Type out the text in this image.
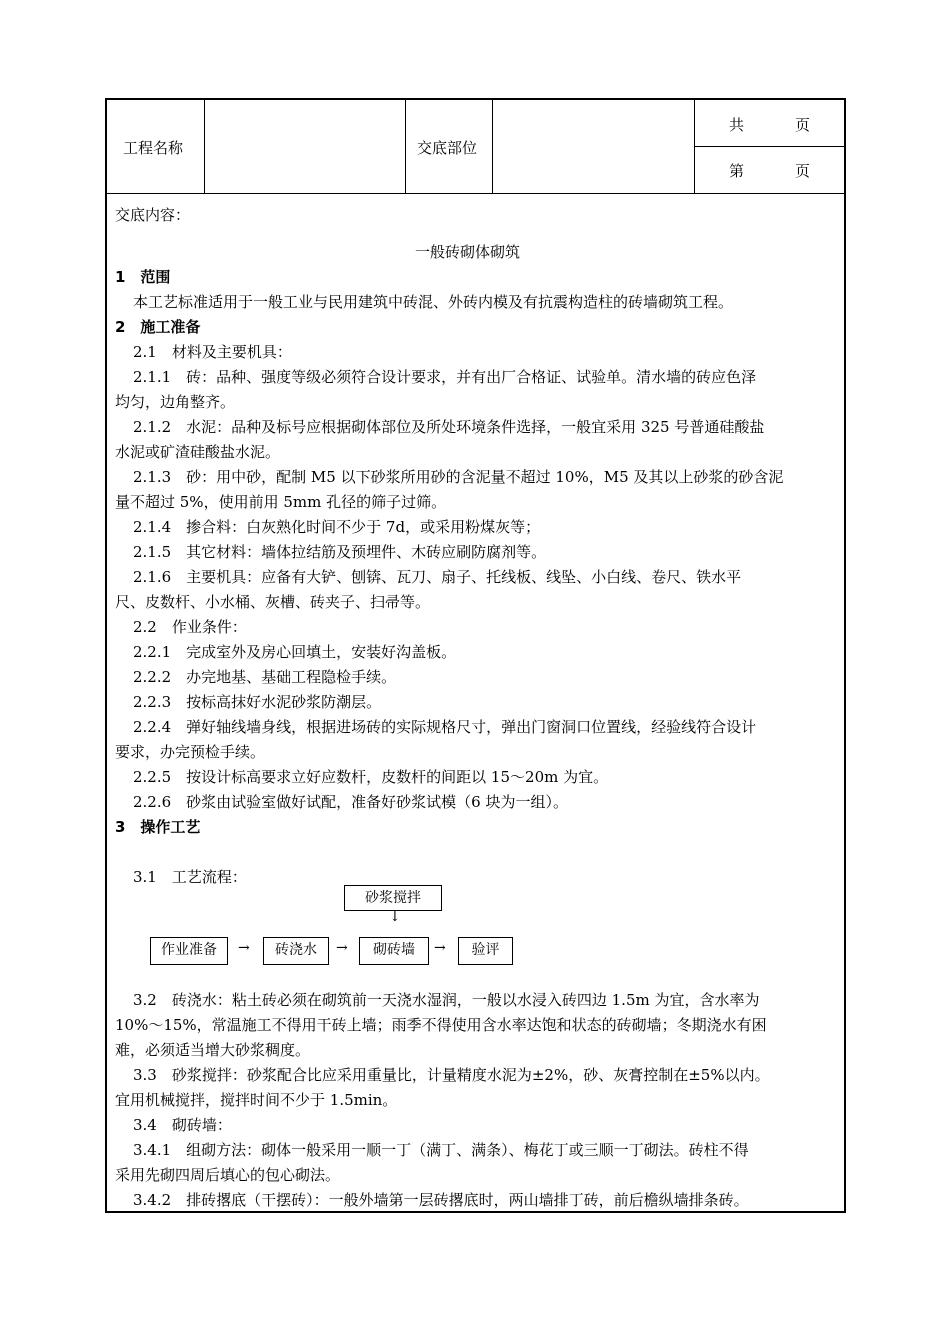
工程名称	交底部位
共	页
第	页
交底内容：
一般砖砌体砌筑
1　范围
本工艺标准适用于一般工业与民用建筑中砖混、外砖内模及有抗震构造柱的砖墙砌筑工程。
2　施工准备
2.1　材料及主要机具：
2.1.1　砖：品种、强度等级必须符合设计要求，并有出厂合格证、试验单。清水墙的砖应色泽
均匀，边角整齐。
2.1.2　水泥：品种及标号应根据砌体部位及所处环境条件选择，一般宜采用 325 号普通硅酸盐
水泥或矿渣硅酸盐水泥。
2.1.3　砂：用中砂，配制 M5 以下砂浆所用砂的含泥量不超过 10%，M5 及其以上砂浆的砂含泥
量不超过 5%，使用前用 5mm 孔径的筛子过筛。
2.1.4　掺合料：白灰熟化时间不少于 7d，或采用粉煤灰等；
2.1.5　其它材料：墙体拉结筋及预埋件、木砖应刷防腐剂等。
2.1.6　主要机具：应备有大铲、刨锛、瓦刀、扇子、托线板、线坠、小白线、卷尺、铁水平
尺、皮数杆、小水桶、灰槽、砖夹子、扫帚等。
2.2　作业条件：
2.2.1　完成室外及房心回填土，安装好沟盖板。
2.2.2　办完地基、基础工程隐检手续。
2.2.3　按标高抹好水泥砂浆防潮层。
2.2.4　弹好轴线墙身线，根据进场砖的实际规格尺寸，弹出门窗洞口位置线，经验线符合设计
要求，办完预检手续。
2.2.5　按设计标高要求立好应数杆，皮数杆的间距以 15～20m 为宜。
2.2.6　砂浆由试验室做好试配，准备好砂浆试模（6 块为一组）。
3　操作工艺
3.1　工艺流程：
砂浆搅拌
↓
作业准备	→	砖浇水	→	砌砖墙	→	验评
3.2　砖浇水：粘土砖必须在砌筑前一天浇水湿润，一般以水浸入砖四边 1.5m 为宜，含水率为
10%～15%，常温施工不得用干砖上墙；雨季不得使用含水率达饱和状态的砖砌墙；冬期浇水有困
难，必须适当增大砂浆稠度。
3.3　砂浆搅拌：砂浆配合比应采用重量比，计量精度水泥为±2%，砂、灰膏控制在±5%以内。
宜用机械搅拌，搅拌时间不少于 1.5min。
3.4　砌砖墙：
3.4.1　组砌方法：砌体一般采用一顺一丁（满丁、满条）、梅花丁或三顺一丁砌法。砖柱不得
采用先砌四周后填心的包心砌法。
3.4.2　排砖撂底（干摆砖）：一般外墙第一层砖撂底时，两山墙排丁砖，前后檐纵墙排条砖。
